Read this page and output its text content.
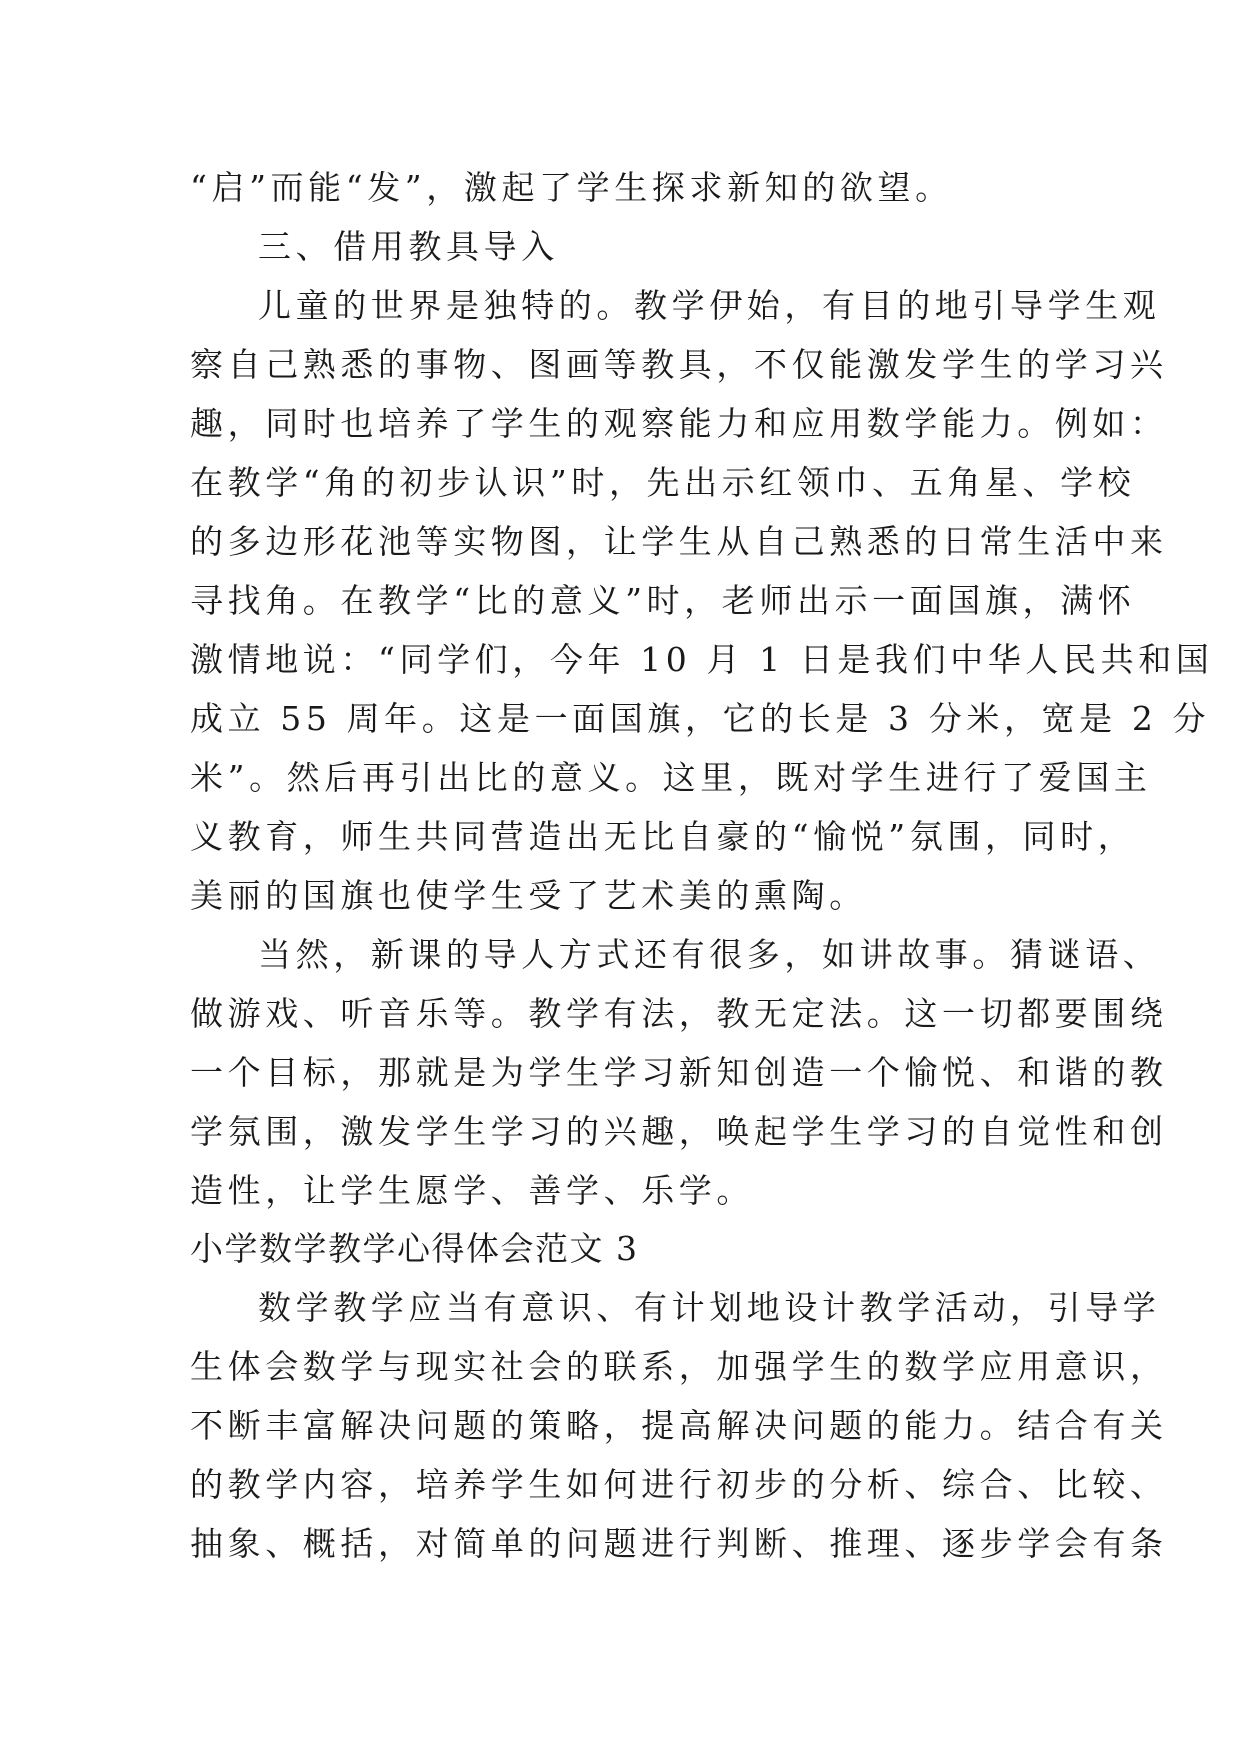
“启”而能“发”，激起了学生探求新知的欲望。
三、借用教具导入
儿童的世界是独特的。教学伊始，有目的地引导学生观
察自己熟悉的事物、图画等教具，不仅能激发学生的学习兴
趣，同时也培养了学生的观察能力和应用数学能力。例如：
在教学“角的初步认识”时，先出示红领巾、五角星、学校
的多边形花池等实物图，让学生从自己熟悉的日常生活中来
寻找角。在教学“比的意义”时，老师出示一面国旗，满怀
激情地说：“同学们，今年 10 月 1 日是我们中华人民共和国
成立 55 周年。这是一面国旗，它的长是 3 分米，宽是 2 分
米”。然后再引出比的意义。这里，既对学生进行了爱国主
义教育，师生共同营造出无比自豪的“愉悦”氛围，同时，
美丽的国旗也使学生受了艺术美的熏陶。
当然，新课的导人方式还有很多，如讲故事。猜谜语、
做游戏、听音乐等。教学有法，教无定法。这一切都要围绕
一个目标，那就是为学生学习新知创造一个愉悦、和谐的教
学氛围，激发学生学习的兴趣，唤起学生学习的自觉性和创
造性，让学生愿学、善学、乐学。
小学数学教学心得体会范文 3
数学教学应当有意识、有计划地设计教学活动，引导学
生体会数学与现实社会的联系，加强学生的数学应用意识，
不断丰富解决问题的策略，提高解决问题的能力。结合有关
的教学内容，培养学生如何进行初步的分析、综合、比较、
抽象、概括，对简单的问题进行判断、推理、逐步学会有条
